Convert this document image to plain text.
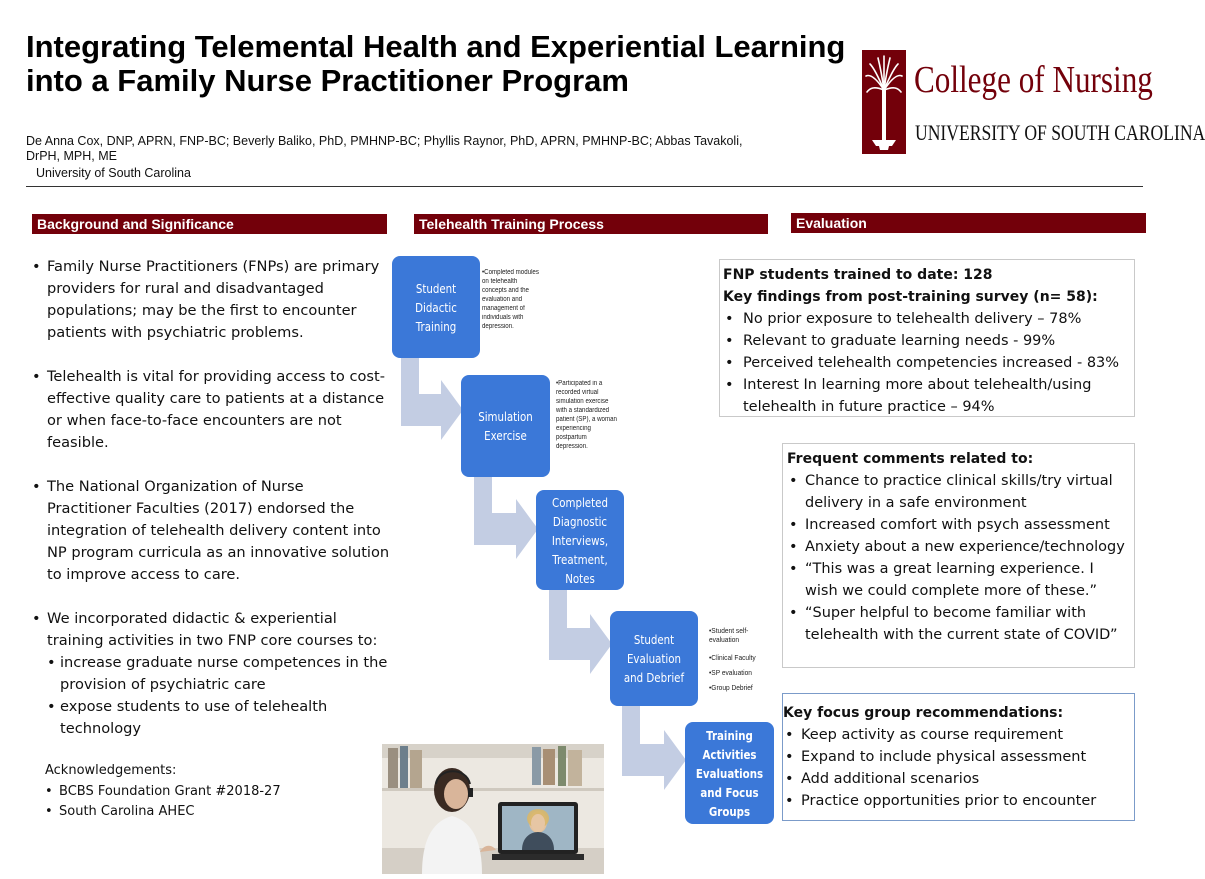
Integrating Telemental Health and Experiential Learning into a Family Nurse Practitioner Program
De Anna Cox, DNP, APRN, FNP-BC; Beverly Baliko, PhD, PMHNP-BC; Phyllis Raynor, PhD, APRN, PMHNP-BC; Abbas Tavakoli, DrPH, MPH, ME
University of South Carolina
College of Nursing
UNIVERSITY OF SOUTH CAROLINA
Background and Significance
• Family Nurse Practitioners (FNPs) are primary providers for rural and disadvantaged populations; may be the first to encounter patients with psychiatric problems.
• Telehealth is vital for providing access to cost-effective quality care to patients at a distance or when face-to-face encounters are not feasible.
• The National Organization of Nurse Practitioner Faculties (2017) endorsed the integration of telehealth delivery content into NP program curricula as an innovative solution to improve access to care.
• We incorporated didactic & experiential training activities in two FNP core courses to:
• increase graduate nurse competences in the provision of psychiatric care
• expose students to use of telehealth technology
Acknowledgements:
• BCBS Foundation Grant #2018-27
• South Carolina AHEC
Telehealth Training Process
Student Didactic Training
•Completed modules
on telehealth
concepts and the
evaluation and
management of
individuals with
depression.
Simulation Exercise
•Participated in a
recorded virtual
simulation exercise
with a standardized
patient (SP), a woman
experiencing
postpartum
depression.
Completed Diagnostic Interviews, Treatment, Notes
Student Evaluation and Debrief
•Student self-
evaluation
•Clinical Faculty
•SP evaluation
•Group Debrief
Training Activities Evaluations and Focus Groups
Evaluation
FNP students trained to date: 128
Key findings from post-training survey (n= 58):
• No prior exposure to telehealth delivery – 78%
• Relevant to graduate learning needs - 99%
• Perceived telehealth competencies increased - 83%
• Interest In learning more about telehealth/using telehealth in future practice – 94%
Frequent comments related to:
• Chance to practice clinical skills/try virtual delivery in a safe environment
• Increased comfort with psych assessment
• Anxiety about a new experience/technology
• “This was a great learning experience. I wish we could complete more of these.”
• “Super helpful to become familiar with telehealth with the current state of COVID”
Key focus group recommendations:
• Keep activity as course requirement
• Expand to include physical assessment
• Add additional scenarios
• Practice opportunities prior to encounter
